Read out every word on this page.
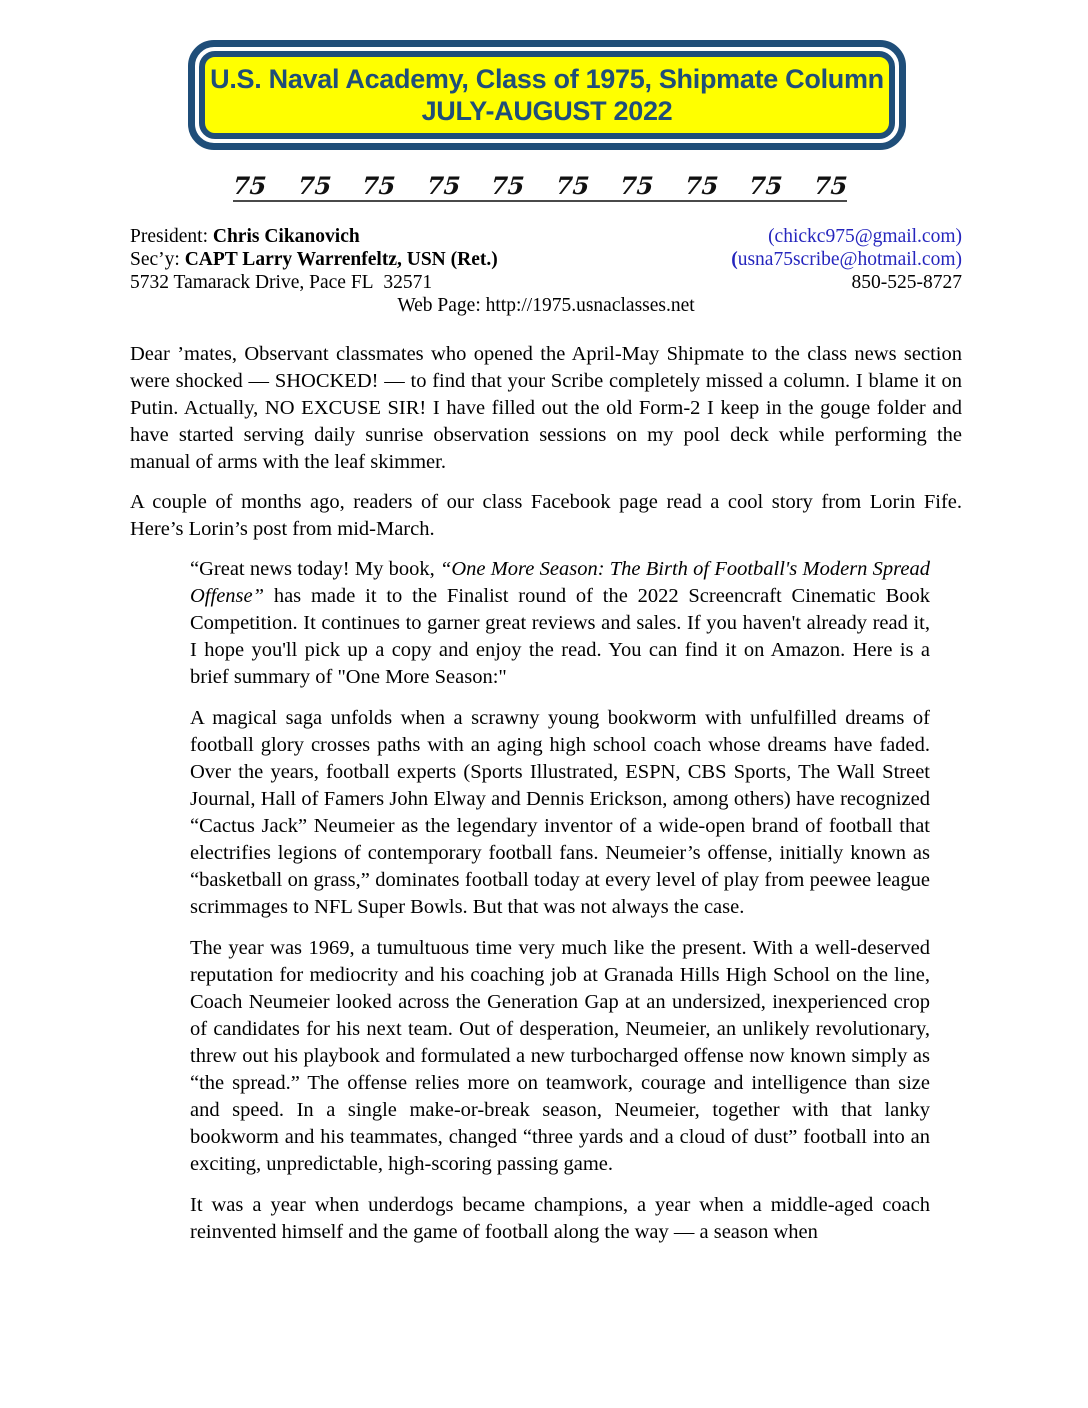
U.S. Naval Academy, Class of 1975, Shipmate Column
JULY-AUGUST 2022
75 75 75 75 75 75 75 75 75 75
President: Chris Cikanovich	(chickc975@gmail.com)
Sec’y: CAPT Larry Warrenfeltz, USN (Ret.)	(usna75scribe@hotmail.com)
5732 Tamarack Drive, Pace FL  32571	850-525-8727
Web Page: http://1975.usnaclasses.net

Dear ’mates, Observant classmates who opened the April-May Shipmate to the class news section were shocked — SHOCKED! — to find that your Scribe completely missed a column. I blame it on Putin. Actually, NO EXCUSE SIR! I have filled out the old Form-2 I keep in the gouge folder and have started serving daily sunrise observation sessions on my pool deck while performing the manual of arms with the leaf skimmer.

A couple of months ago, readers of our class Facebook page read a cool story from Lorin Fife. Here’s Lorin’s post from mid-March.

“Great news today! My book, “One More Season: The Birth of Football's Modern Spread Offense” has made it to the Finalist round of the 2022 Screencraft Cinematic Book Competition. It continues to garner great reviews and sales. If you haven't already read it, I hope you'll pick up a copy and enjoy the read. You can find it on Amazon. Here is a brief summary of "One More Season:"

A magical saga unfolds when a scrawny young bookworm with unfulfilled dreams of football glory crosses paths with an aging high school coach whose dreams have faded. Over the years, football experts (Sports Illustrated, ESPN, CBS Sports, The Wall Street Journal, Hall of Famers John Elway and Dennis Erickson, among others) have recognized “Cactus Jack” Neumeier as the legendary inventor of a wide-open brand of football that electrifies legions of contemporary football fans. Neumeier’s offense, initially known as “basketball on grass,” dominates football today at every level of play from peewee league scrimmages to NFL Super Bowls. But that was not always the case.

The year was 1969, a tumultuous time very much like the present. With a well-deserved reputation for mediocrity and his coaching job at Granada Hills High School on the line, Coach Neumeier looked across the Generation Gap at an undersized, inexperienced crop of candidates for his next team. Out of desperation, Neumeier, an unlikely revolutionary, threw out his playbook and formulated a new turbocharged offense now known simply as “the spread.” The offense relies more on teamwork, courage and intelligence than size and speed. In a single make-or-break season, Neumeier, together with that lanky bookworm and his teammates, changed “three yards and a cloud of dust” football into an exciting, unpredictable, high-scoring passing game.

It was a year when underdogs became champions, a year when a middle-aged coach reinvented himself and the game of football along the way — a season when
